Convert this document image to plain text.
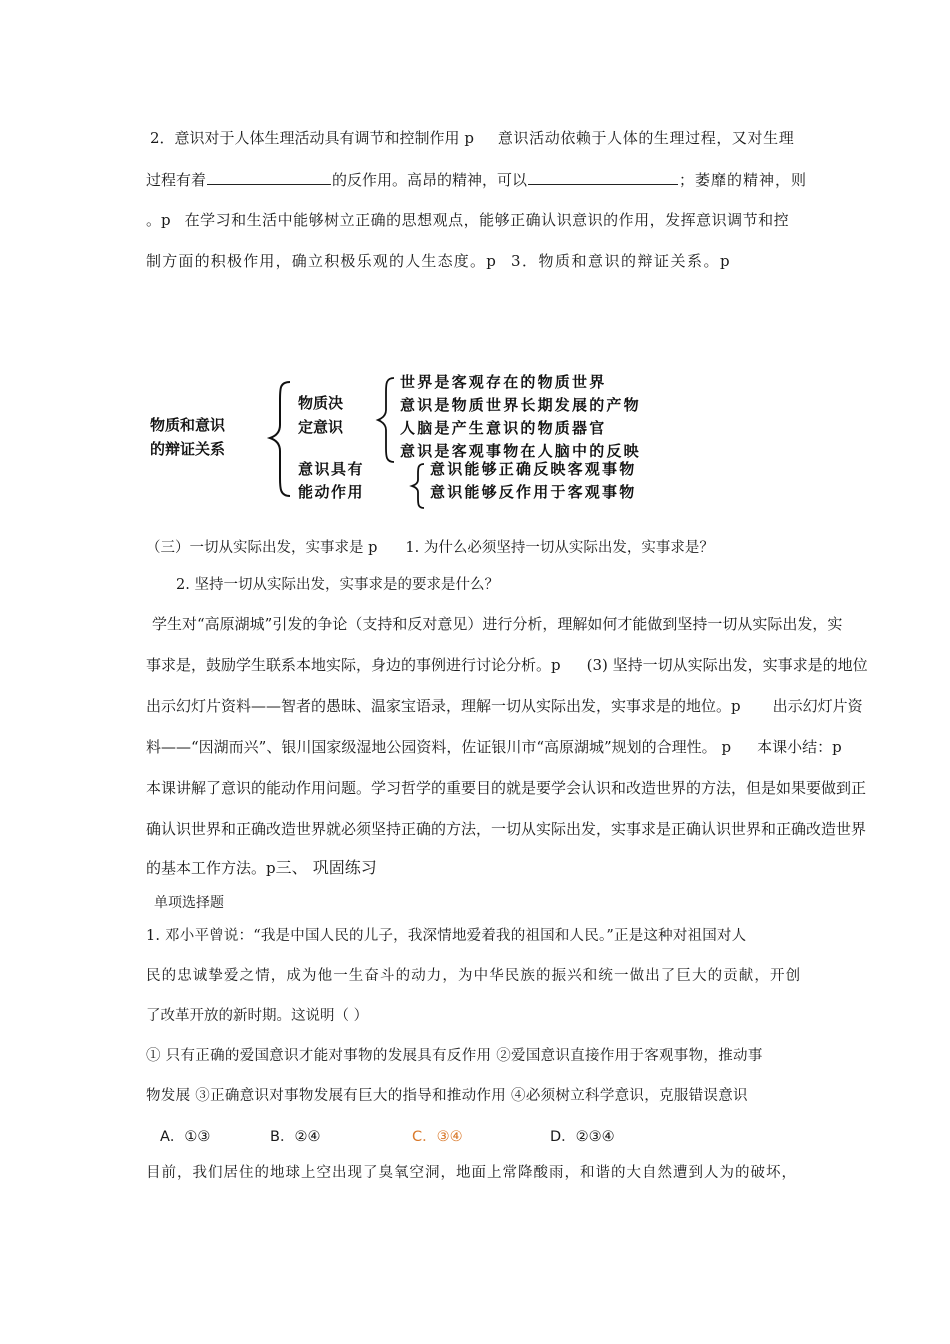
2．意识对于人体生理活动具有调节和控制作用 p 意识活动依赖于人体的生理过程，又对生理
过程有着	的反作用。高昂的精神，可以	；萎靡的精神，则
。p 在学习和生活中能够树立正确的思想观点，能够正确认识意识的作用，发挥意识调节和控
制方面的积极作用，确立积极乐观的人生态度。p 3．物质和意识的辩证关系。p
物质和意识
的辩证关系
物质决
定意识
世界是客观存在的物质世界
意识是物质世界长期发展的产物
人脑是产生意识的物质器官
意识是客观事物在人脑中的反映
意识具有
能动作用
意识能够正确反映客观事物
意识能够反作用于客观事物
（三）一切从实际出发，实事求是 p 1. 为什么必须坚持一切从实际出发，实事求是？
2. 坚持一切从实际出发，实事求是的要求是什么？
学生对“高原湖城”引发的争论（支持和反对意见）进行分析，理解如何才能做到坚持一切从实际出发，实
事求是，鼓励学生联系本地实际，身边的事例进行讨论分析。p (3) 坚持一切从实际出发，实事求是的地位
出示幻灯片资料——智者的愚昧、温家宝语录，理解一切从实际出发，实事求是的地位。p 出示幻灯片资
料——“因湖而兴”、银川国家级湿地公园资料，佐证银川市“高原湖城”规划的合理性。 p 本课小结：p
本课讲解了意识的能动作用问题。学习哲学的重要目的就是要学会认识和改造世界的方法，但是如果要做到正
确认识世界和正确改造世界就必须坚持正确的方法，一切从实际出发，实事求是正确认识世界和正确改造世界
的基本工作方法。p三、 巩固练习
单项选择题
1. 邓小平曾说：“我是中国人民的儿子，我深情地爱着我的祖国和人民。”正是这种对祖国对人
民的忠诚挚爱之情，成为他一生奋斗的动力，为中华民族的振兴和统一做出了巨大的贡献，开创
了改革开放的新时期。这说明（ ）
① 只有正确的爱国意识才能对事物的发展具有反作用 ②爱国意识直接作用于客观事物，推动事
物发展 ③正确意识对事物发展有巨大的指导和推动作用 ④必须树立科学意识，克服错误意识
A．①③	B．②④	C．③④	D．②③④
目前，我们居住的地球上空出现了臭氧空洞，地面上常降酸雨，和谐的大自然遭到人为的破坏，
